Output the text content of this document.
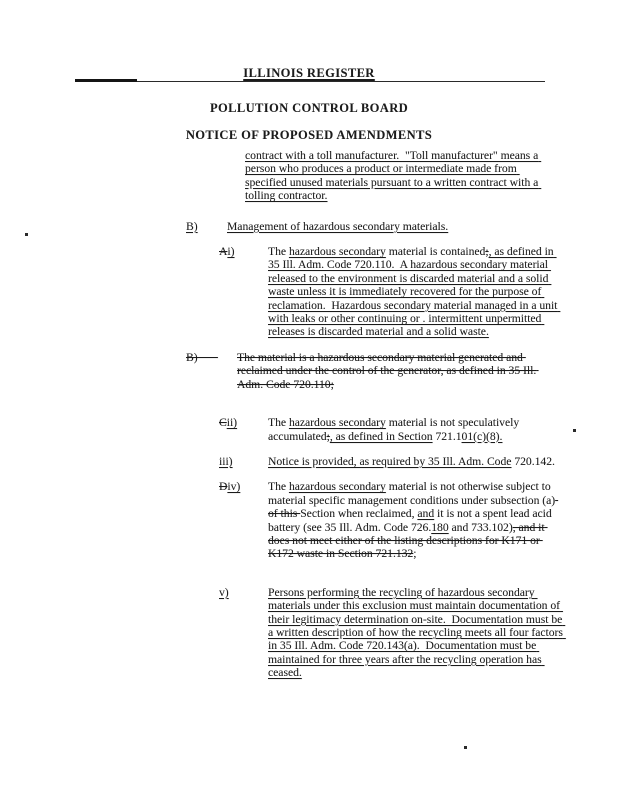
ILLINOIS REGISTER
POLLUTION CONTROL BOARD
NOTICE OF PROPOSED AMENDMENTS
contract with a toll manufacturer.  "Toll manufacturer" means a person who produces a product or intermediate made from specified unused materials pursuant to a written contract with a tolling contractor.
B)	Management of hazardous secondary materials.
Ai)	The hazardous secondary material is contained;, as defined in 35 Ill. Adm. Code 720.110.  A hazardous secondary material released to the environment is discarded material and a solid waste unless it is immediately recovered for the purpose of reclamation.  Hazardous secondary material managed in a unit with leaks or other continuing or . intermittent unpermitted releases is discarded material and a solid waste.
B)	The material is a hazardous secondary material generated and reclaimed under the control of the generator, as defined in 35 Ill. Adm. Code 720.110;
Cii)	The hazardous secondary material is not speculatively accumulated;, as defined in Section 721.101(c)(8).
iii)	Notice is provided, as required by 35 Ill. Adm. Code 720.142.
Div)	The hazardous secondary material is not otherwise subject to material specific management conditions under subsection (a) of this Section when reclaimed, and it is not a spent lead acid battery (see 35 Ill. Adm. Code 726.180 and 733.102), and it does not meet either of the listing descriptions for K171 or K172 waste in Section 721.132;
v)	Persons performing the recycling of hazardous secondary materials under this exclusion must maintain documentation of their legitimacy determination on-site.  Documentation must be a written description of how the recycling meets all four factors in 35 Ill. Adm. Code 720.143(a).  Documentation must be maintained for three years after the recycling operation has ceased.
